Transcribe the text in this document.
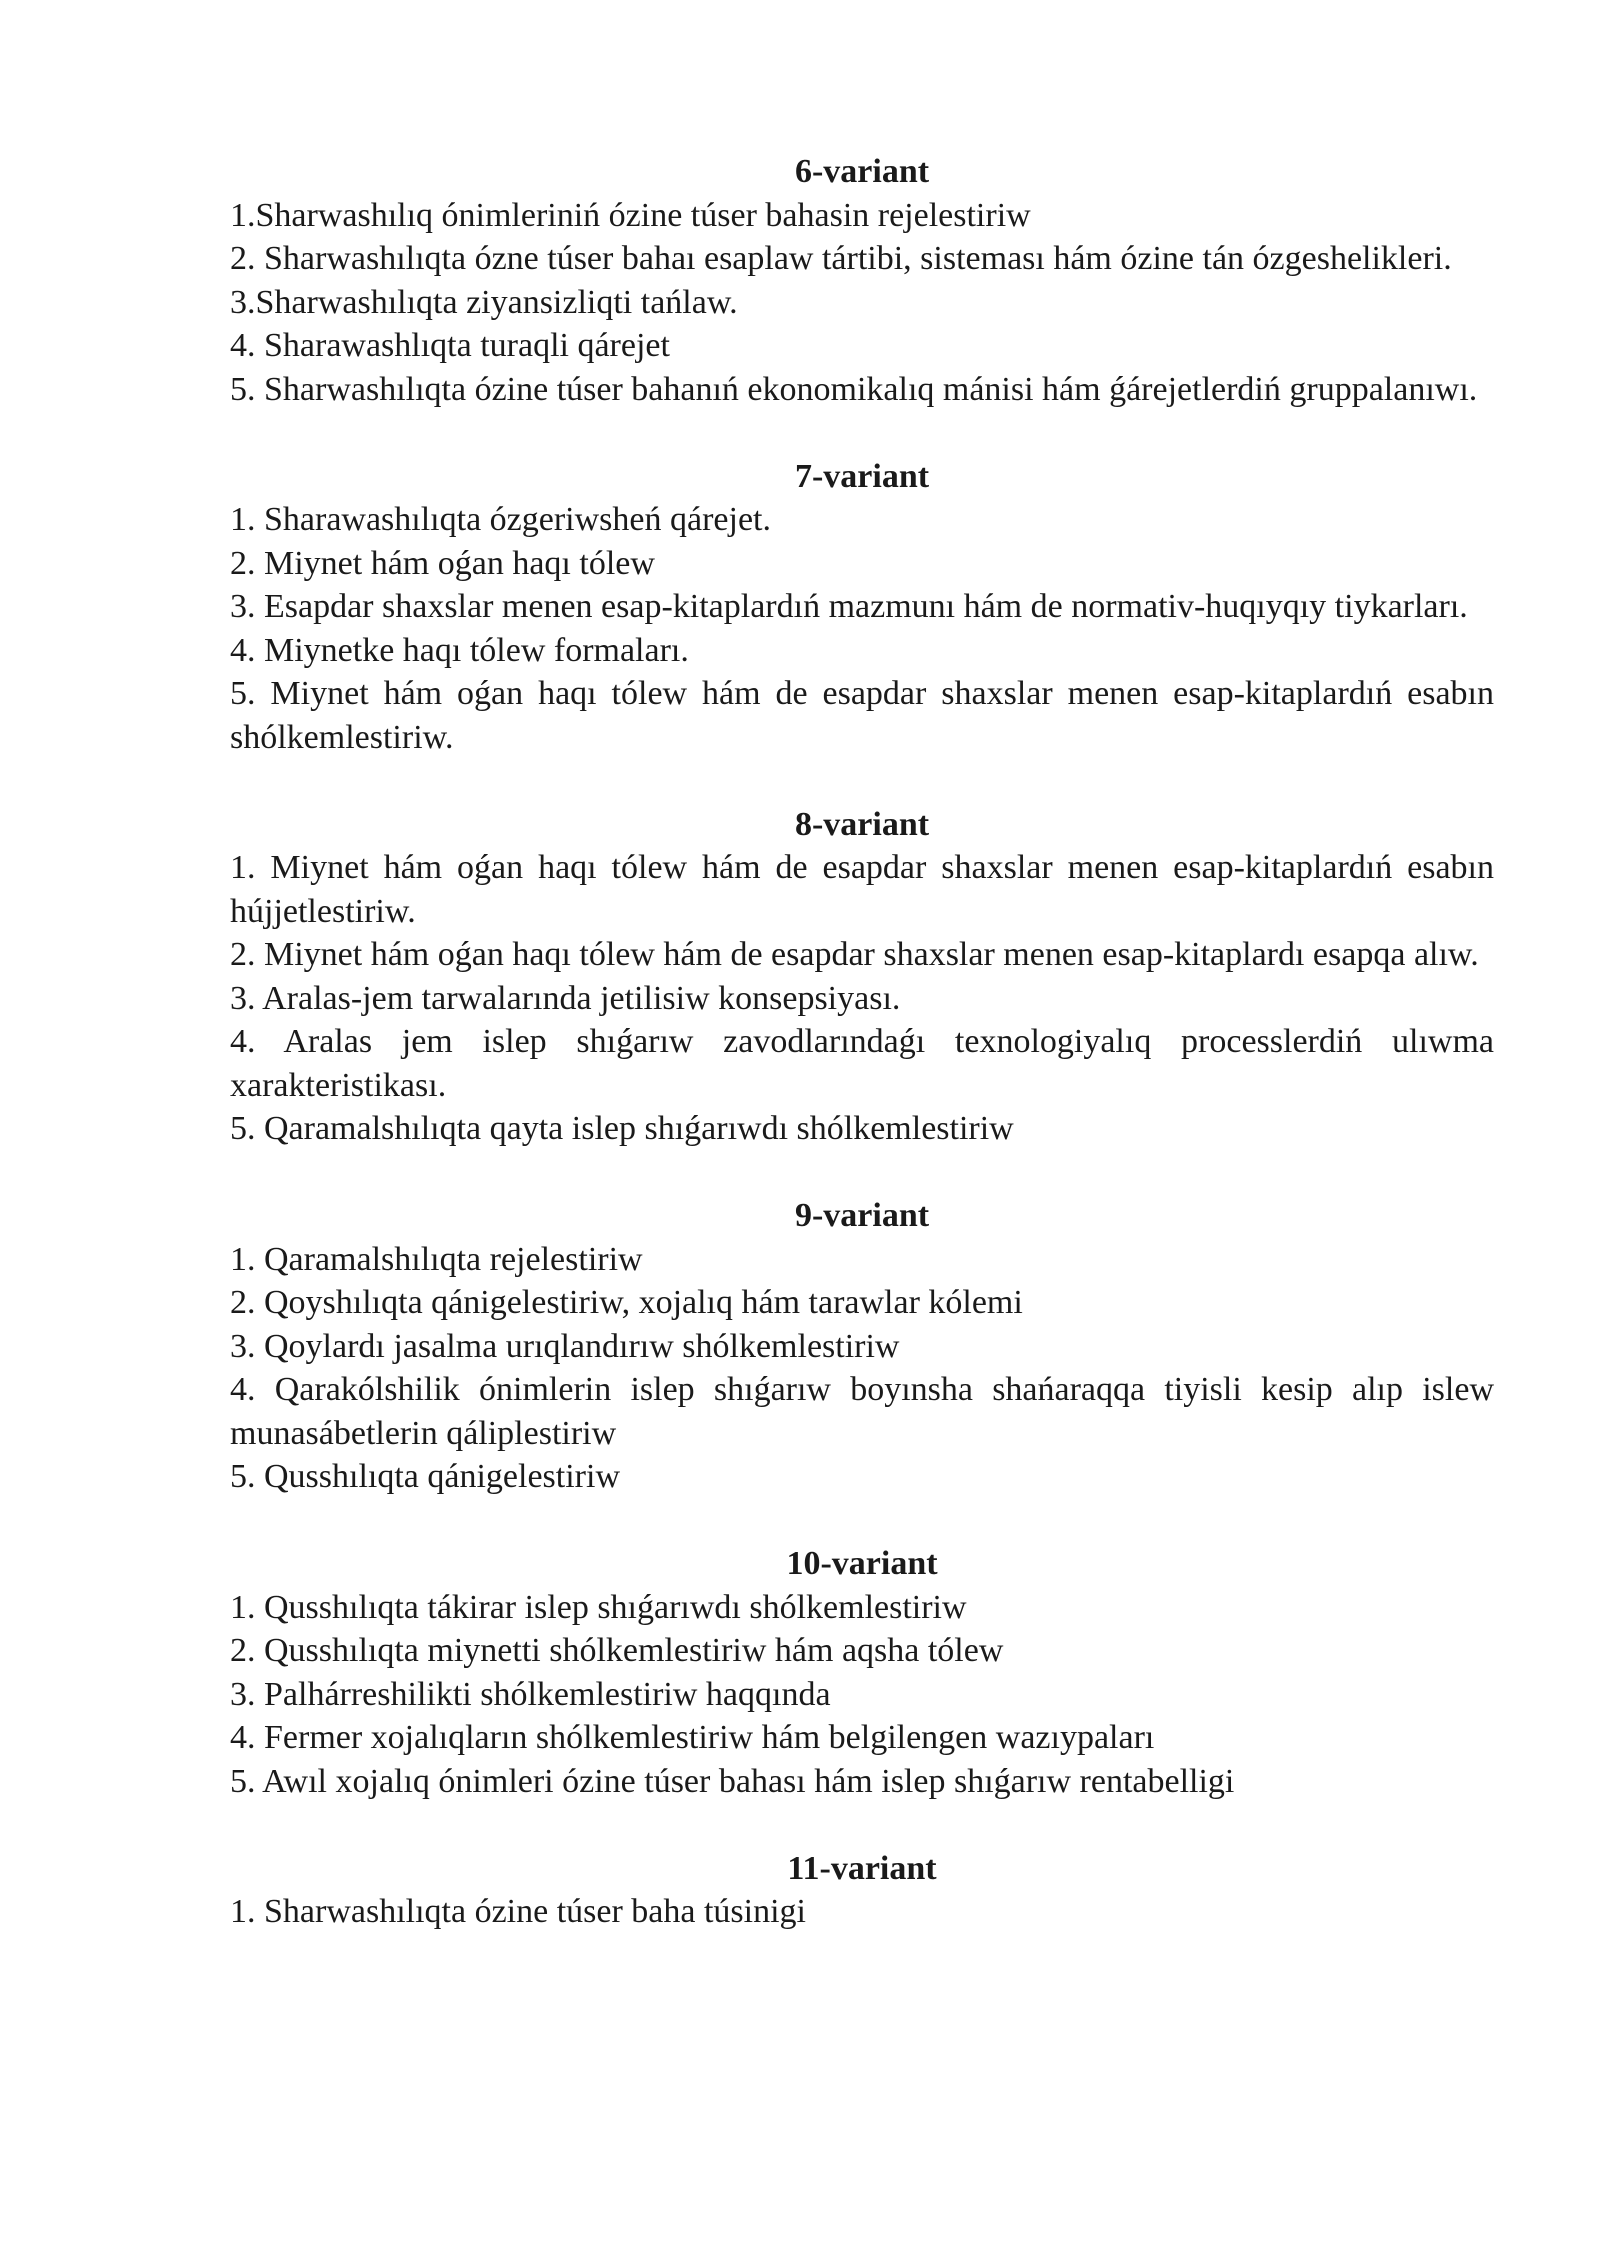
6-variant

1.Sharwashılıq ónimleriniń ózine túser bahasin rejelestiriw

2. Sharwashılıqta ózne túser bahaı esaplaw tártibi, sisteması hám ózine tán ózgeshelikleri.

3.Sharwashılıqta ziyansizliqti tańlaw.

4. Sharawashlıqta turaqli qárejet

5. Sharwashılıqta ózine túser bahanıń ekonomikalıq mánisi hám ǵárejetlerdiń gruppalanıwı.

7-variant

1. Sharawashılıqta ózgeriwsheń qárejet.

2. Miynet hám oǵan haqı tólew

3. Esapdar shaxslar menen esap-kitaplardıń mazmunı hám de normativ-huqıyqıy tiykarları.

4. Miynetke haqı tólew formaları.

5. Miynet hám oǵan haqı tólew hám de esapdar shaxslar menen esap-kitaplardıń esabın shólkemlestiriw.

8-variant

1. Miynet hám oǵan haqı tólew hám de esapdar shaxslar menen esap-kitaplardıń esabın hújjetlestiriw.

2. Miynet hám oǵan haqı tólew hám de esapdar shaxslar menen esap-kitaplardı esapqa alıw.

3. Aralas-jem tarwalarında jetilisiw konsepsiyası.

4. Aralas jem islep shıǵarıw zavodlarındaǵı texnologiyalıq processlerdiń ulıwma xarakteristikası.

5. Qaramalshılıqta qayta islep shıǵarıwdı shólkemlestiriw

9-variant

1. Qaramalshılıqta rejelestiriw

2. Qoyshılıqta qánigelestiriw, xojalıq hám tarawlar kólemi

3. Qoylardı jasalma urıqlandırıw shólkemlestiriw

4. Qarakólshilik ónimlerin islep shıǵarıw boyınsha shańaraqqa tiyisli kesip alıp islew munasábetlerin qáliplestiriw

5. Qusshılıqta qánigelestiriw

10-variant

1. Qusshılıqta tákirar islep shıǵarıwdı shólkemlestiriw

2. Qusshılıqta miynetti shólkemlestiriw hám aqsha tólew

3. Palhárreshilikti shólkemlestiriw haqqında

4. Fermer xojalıqların shólkemlestiriw hám belgilengen wazıypaları

5. Awıl xojalıq ónimleri ózine túser bahası hám islep shıǵarıw rentabelligi

11-variant

1. Sharwashılıqta ózine túser baha túsinigi
